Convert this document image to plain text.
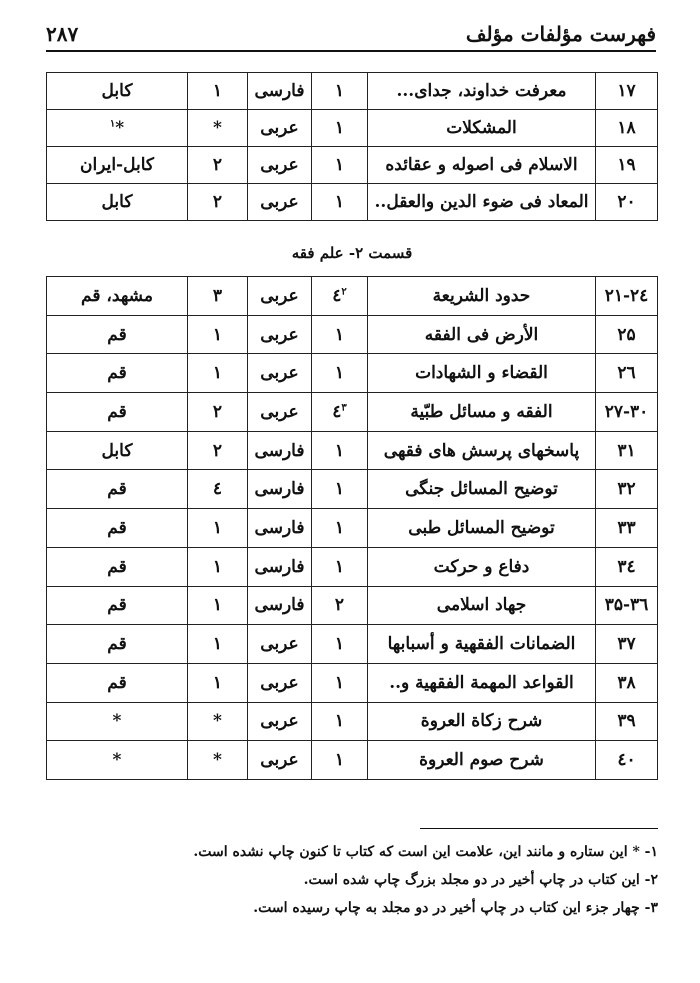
فهرست مؤلفات مؤلف
۲۸۷
۱۷	معرفت خداوند، جدای...	۱	فارسی	۱	کابل
۱۸	المشکلات	۱	عربی	*	*$^۱$
۱۹	الاسلام فی اصوله و عقائده	۱	عربی	۲	کابل-ایران
۲۰	المعاد فی ضوء الدین والعقل..	۱	عربی	۲	کابل
قسمت ۲- علم فقه
۲۱-۲٤	حدود الشریعة	$٤^۲$	عربی	۳	مشهد، قم
۲۵	الأرض فی الفقه	۱	عربی	۱	قم
۲٦	القضاء و الشهادات	۱	عربی	۱	قم
۲۷-۳۰	الفقه و مسائل طبّیة	$٤^۳$	عربی	۲	قم
۳۱	پاسخهای پرسش های فقهی	۱	فارسی	۲	کابل
۳۲	توضیح المسائل جنگی	۱	فارسی	٤	قم
۳۳	توضیح المسائل طبی	۱	فارسی	۱	قم
۳٤	دفاع و حرکت	۱	فارسی	۱	قم
۳۵-۳٦	جهاد اسلامی	۲	فارسی	۱	قم
۳۷	الضمانات الفقهیة و أسبابها	۱	عربی	۱	قم
۳۸	القواعد المهمة الفقهیة و..	۱	عربی	۱	قم
۳۹	شرح زکاة العروة	۱	عربی	*	*
٤۰	شرح صوم العروة	۱	عربی	*	*

۱- * این ستاره و مانند این، علامت این است که کتاب تا کنون چاپ نشده است.

۲- این کتاب در چاپ أخیر در دو مجلد بزرگ چاپ شده است.

۳- چهار جزء این کتاب در چاپ أخیر در دو مجلد به چاپ رسیده است.
